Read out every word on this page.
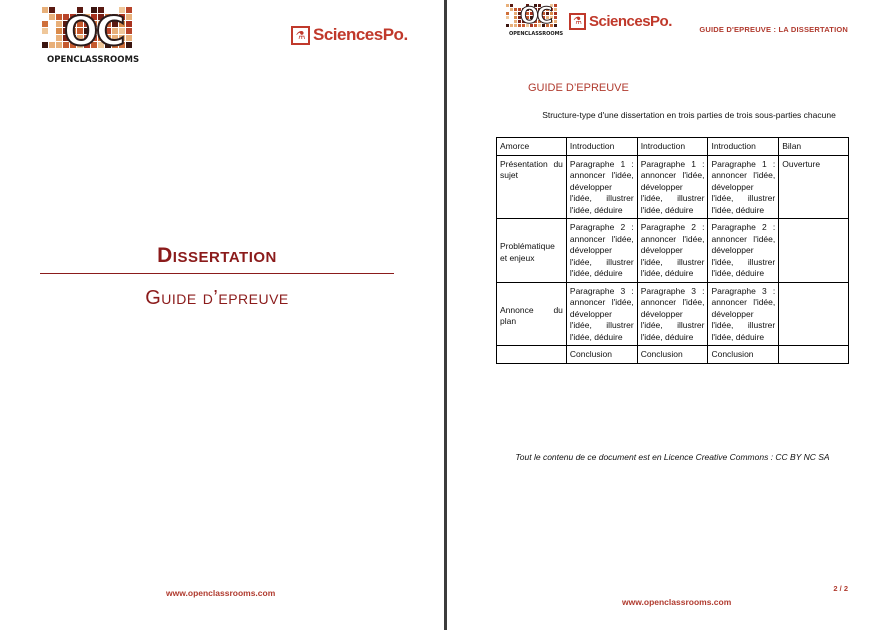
OC
OPENCLASSROOMS
⚗ SciencesPo.
Dissertation
Guide d’epreuve
www.openclassrooms.com
OC
OPENCLASSROOMS
⚗ SciencesPo.	GUIDE D'EPREUVE : LA DISSERTATION
GUIDE D’EPREUVE
Structure-type d'une dissertation en trois parties de trois sous-parties chacune
Amorce	Introduction	Introduction	Introduction	Bilan

Présentation du sujet	Paragraphe 1 : annoncer l'idée, développer l'idée, illustrer l'idée, déduire	Paragraphe 1 : annoncer l'idée, développer l'idée, illustrer l'idée, déduire	Paragraphe 1 : annoncer l'idée, développer l'idée, illustrer l'idée, déduire	Ouverture

Problématique et enjeux	Paragraphe 2 : annoncer l'idée, développer l'idée, illustrer l'idée, déduire	Paragraphe 2 : annoncer l'idée, développer l'idée, illustrer l'idée, déduire	Paragraphe 2 : annoncer l'idée, développer l'idée, illustrer l'idée, déduire	

Annonce du plan	Paragraphe 3 : annoncer l'idée, développer l'idée, illustrer l'idée, déduire	Paragraphe 3 : annoncer l'idée, développer l'idée, illustrer l'idée, déduire	Paragraphe 3 : annoncer l'idée, développer l'idée, illustrer l'idée, déduire	
	Conclusion	Conclusion	Conclusion	
Tout le contenu de ce document est en Licence Creative Commons : CC BY NC SA
2 / 2
www.openclassrooms.com
